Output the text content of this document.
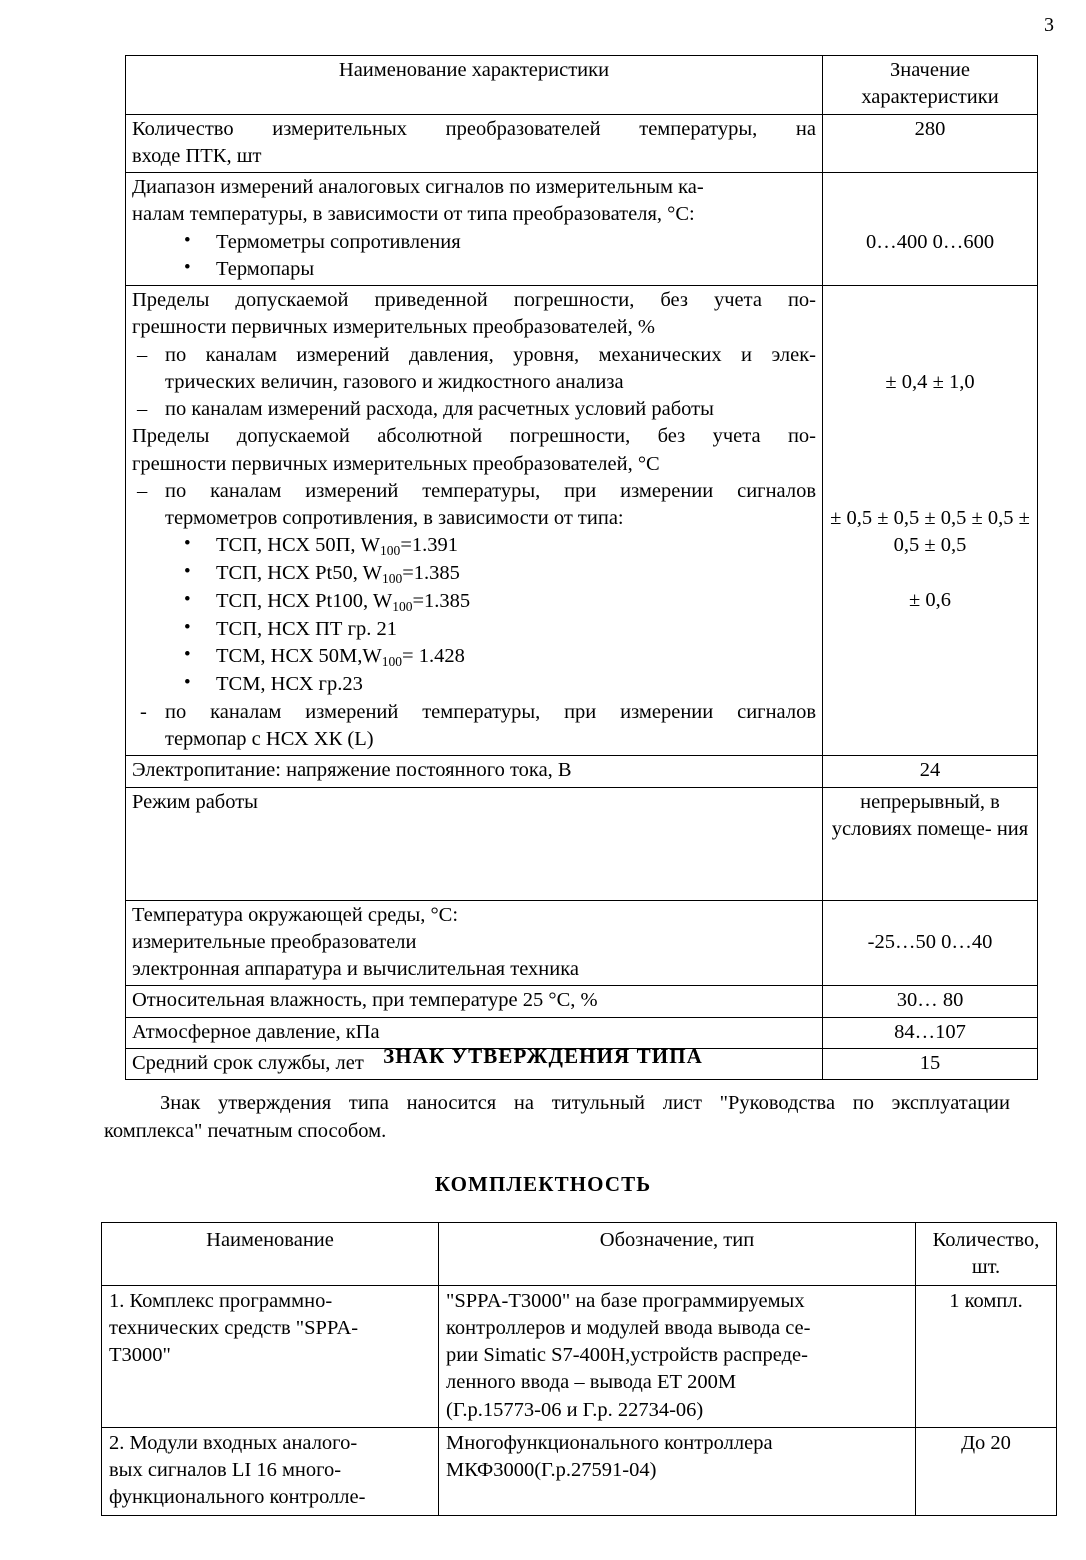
3
Наименование характеристики	Значение
характеристики

Количество измерительных преобразователей температуры, на
входе ПТК, шт	280

Диапазон измерений аналоговых сигналов по измерительным ка-
налам температуры, в зависимости от типа преобразователя, °С:
• Термометры сопротивления
• Термопары
	0…400 0…600

Пределы допускаемой приведенной погрешности, без учета по-
грешности первичных измерительных преобразователей, %
– по каналам измерений давления, уровня, механических и элек-
трических величин, газового и жидкостного анализа
– по каналам измерений расхода, для расчетных условий работы
Пределы допускаемой абсолютной погрешности, без учета по-
грешности первичных измерительных преобразователей, °С
– по каналам измерений температуры, при измерении сигналов
термометров сопротивления, в зависимости от типа:
• ТСП, НСХ 50П, $W_{100}=1.391$
• ТСП, НСХ Pt50, $W_{100}=1.385$
• ТСП, НСХ Pt100, $W_{100}=1.385$
• ТСП, НСХ ПТ гр. 21
• ТСМ, НСХ $50М,W_{100}= 1.428$
• ТСМ, НСХ гр.23
- по каналам измерений температуры, при измерении сигналов
термопар с НСХ ХК (L)
	± 0,4 ± 1,0± 0,5 ± 0,5 ± 0,5 ± 0,5 ± 0,5 ± 0,5± 0,6

Электропитание: напряжение постоянного тока, В	24

Режим работы	непрерывный, в условиях помеще- ния

Температура окружающей среды, °С:
измерительные преобразователи
электронная аппаратура и вычислительная техника	-25…50 0…40

Относительная влажность, при температуре 25 °С, %	30… 80

Атмосферное давление, кПа	84…107

Средний срок службы, лет	15
ЗНАК УТВЕРЖДЕНИЯ ТИПА
Знак утверждения типа наносится на титульный лист "Руководства по эксплуатации
комплекса" печатным способом.
КОМПЛЕКТНОСТЬ
Наименование	Обозначение, тип	Количество,
шт.

1. Комплекс программно-
технических средств "SPPA-
T3000"	"SPPA-T3000" на базе программируемых
контроллеров и модулей ввода вывода се-
рии Simatic S7-400H,устройств распреде-
ленного ввода – вывода ЕТ 200М
(Г.р.15773-06 и Г.р. 22734-06)	1 компл.

2. Модули входных аналого-
вых сигналов LI 16 много-
функционального контролле-	Многофункционального контроллера
МКФ3000(Г.р.27591-04)	До 20
